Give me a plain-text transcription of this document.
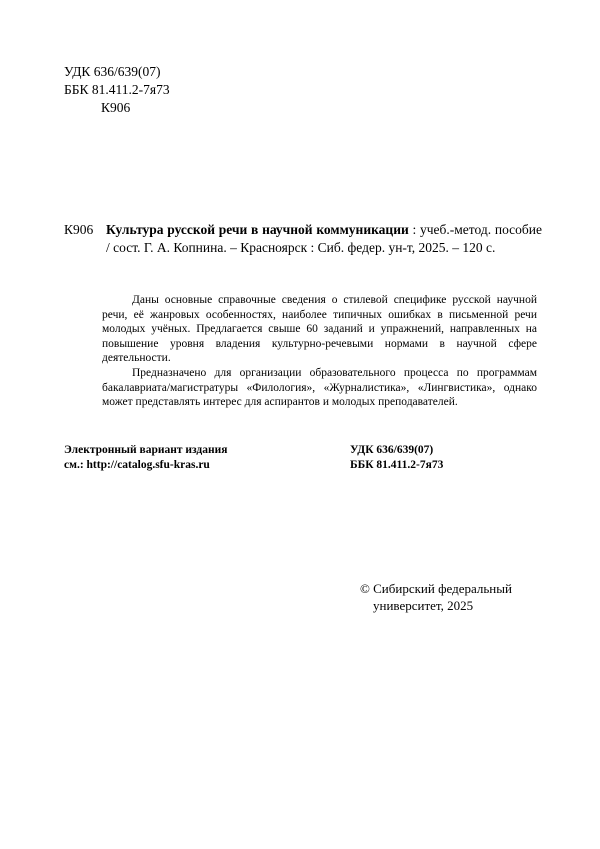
УДК 636/639(07)
ББК 81.411.2-7я73
К906
К906 Культура русской речи в научной коммуникации : учеб.-метод. пособие / сост. Г. А. Копнина. – Красноярск : Сиб. федер. ун-т, 2025. – 120 с.

Даны основные справочные сведения о стилевой специфике русской научной речи, её жанровых особенностях, наиболее типичных ошибках в письменной речи молодых учёных. Предлагается свыше 60 заданий и упражнений, направленных на повышение уровня владения культурно-речевыми нормами в научной сфере деятельности.

Предназначено для организации образовательного процесса по программам бакалавриата/магистратуры «Филология», «Журналистика», «Лингвистика», однако может представлять интерес для аспирантов и молодых преподавателей.

Электронный вариант издания
см.: http://catalog.sfu-kras.ru
УДК 636/639(07)
ББК 81.411.2-7я73
© Сибирский федеральный
университет, 2025
